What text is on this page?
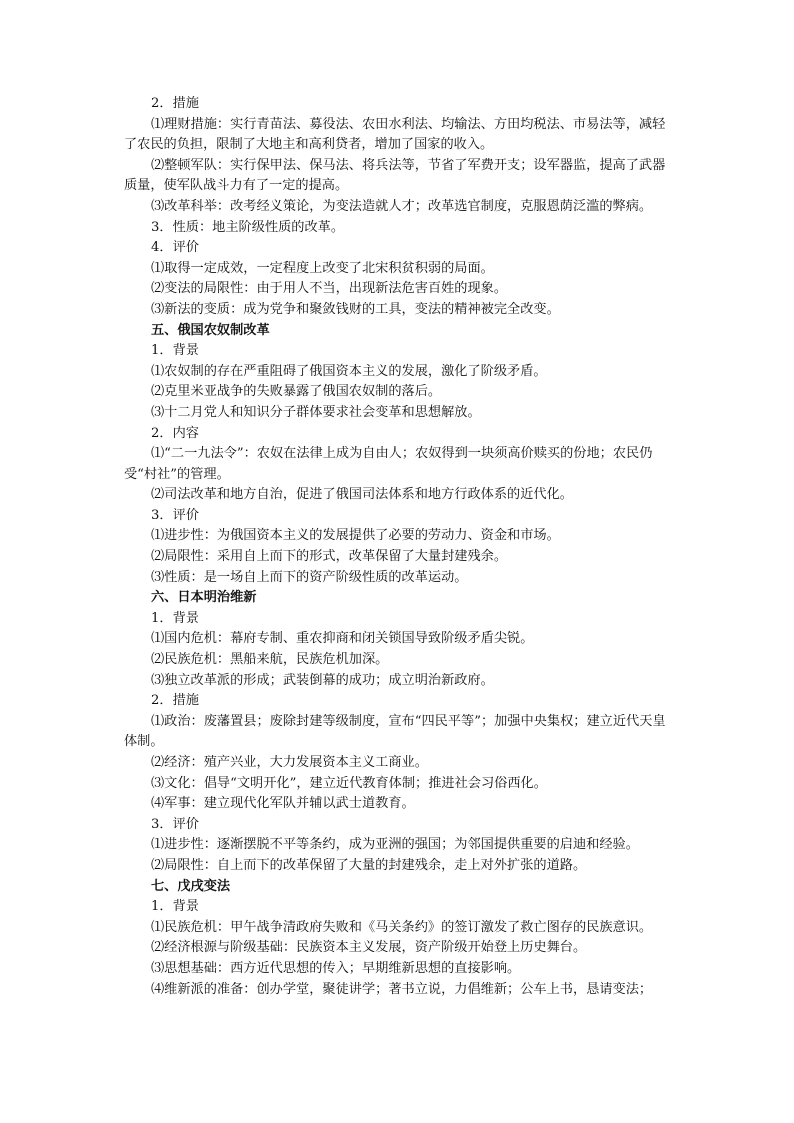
2．措施
⑴理财措施：实行青苗法、募役法、农田水利法、均输法、方田均税法、市易法等，减轻了农民的负担，限制了大地主和高利贷者，增加了国家的收入。
⑵整顿军队：实行保甲法、保马法、将兵法等，节省了军费开支；设军器监，提高了武器质量，使军队战斗力有了一定的提高。
⑶改革科举：改考经义策论，为变法造就人才；改革选官制度，克服恩荫泛滥的弊病。
3．性质：地主阶级性质的改革。
4．评价
⑴取得一定成效，一定程度上改变了北宋积贫积弱的局面。
⑵变法的局限性：由于用人不当，出现新法危害百姓的现象。
⑶新法的变质：成为党争和聚敛钱财的工具，变法的精神被完全改变。
五、俄国农奴制改革
1．背景
⑴农奴制的存在严重阻碍了俄国资本主义的发展，激化了阶级矛盾。
⑵克里米亚战争的失败暴露了俄国农奴制的落后。
⑶十二月党人和知识分子群体要求社会变革和思想解放。
2．内容
⑴“二一九法令”：农奴在法律上成为自由人；农奴得到一块须高价赎买的份地；农民仍受“村社”的管理。
⑵司法改革和地方自治，促进了俄国司法体系和地方行政体系的近代化。
3．评价
⑴进步性：为俄国资本主义的发展提供了必要的劳动力、资金和市场。
⑵局限性：采用自上而下的形式，改革保留了大量封建残余。
⑶性质：是一场自上而下的资产阶级性质的改革运动。
六、日本明治维新
1．背景
⑴国内危机：幕府专制、重农抑商和闭关锁国导致阶级矛盾尖锐。
⑵民族危机：黑船来航，民族危机加深。
⑶独立改革派的形成；武装倒幕的成功；成立明治新政府。
2．措施
⑴政治：废藩置县；废除封建等级制度，宣布“四民平等”；加强中央集权；建立近代天皇体制。
⑵经济：殖产兴业，大力发展资本主义工商业。
⑶文化：倡导“文明开化”，建立近代教育体制；推进社会习俗西化。
⑷军事：建立现代化军队并辅以武士道教育。
3．评价
⑴进步性：逐渐摆脱不平等条约，成为亚洲的强国；为邻国提供重要的启迪和经验。
⑵局限性：自上而下的改革保留了大量的封建残余，走上对外扩张的道路。
七、戊戌变法
1．背景
⑴民族危机：甲午战争清政府失败和《马关条约》的签订激发了救亡图存的民族意识。
⑵经济根源与阶级基础：民族资本主义发展，资产阶级开始登上历史舞台。
⑶思想基础：西方近代思想的传入；早期维新思想的直接影响。
⑷维新派的准备：创办学堂，聚徒讲学；著书立说，力倡维新；公车上书，恳请变法；
